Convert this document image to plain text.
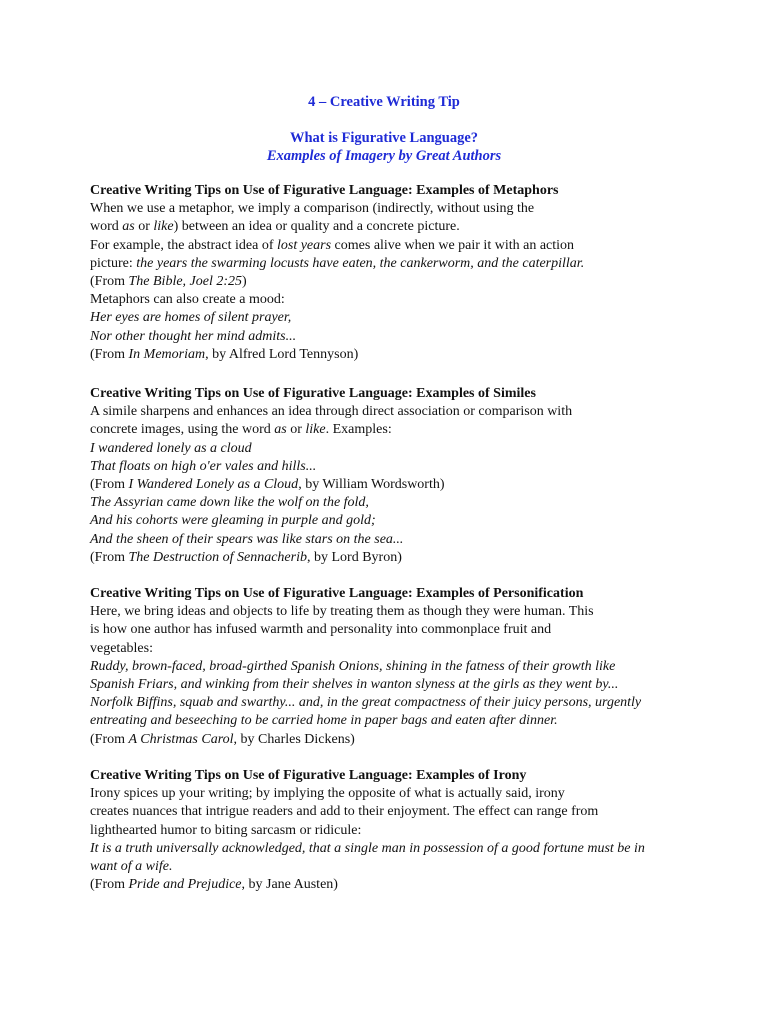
4 – Creative Writing Tip
What is Figurative Language?
Examples of Imagery by Great Authors
Creative Writing Tips on Use of Figurative Language: Examples of Metaphors
When we use a metaphor, we imply a comparison (indirectly, without using the
word as or like) between an idea or quality and a concrete picture.
For example, the abstract idea of lost years comes alive when we pair it with an action
picture: the years the swarming locusts have eaten, the cankerworm, and the caterpillar.
(From The Bible, Joel 2:25)
Metaphors can also create a mood:
Her eyes are homes of silent prayer,
Nor other thought her mind admits...
(From In Memoriam, by Alfred Lord Tennyson)
Creative Writing Tips on Use of Figurative Language: Examples of Similes
A simile sharpens and enhances an idea through direct association or comparison with
concrete images, using the word as or like. Examples:
I wandered lonely as a cloud
That floats on high o'er vales and hills...
(From I Wandered Lonely as a Cloud, by William Wordsworth)
The Assyrian came down like the wolf on the fold,
And his cohorts were gleaming in purple and gold;
And the sheen of their spears was like stars on the sea...
(From The Destruction of Sennacherib, by Lord Byron)
Creative Writing Tips on Use of Figurative Language: Examples of Personification
Here, we bring ideas and objects to life by treating them as though they were human. This
is how one author has infused warmth and personality into commonplace fruit and
vegetables:
Ruddy, brown-faced, broad-girthed Spanish Onions, shining in the fatness of their growth like
Spanish Friars, and winking from their shelves in wanton slyness at the girls as they went by...
Norfolk Biffins, squab and swarthy... and, in the great compactness of their juicy persons, urgently
entreating and beseeching to be carried home in paper bags and eaten after dinner.
(From A Christmas Carol, by Charles Dickens)
Creative Writing Tips on Use of Figurative Language: Examples of Irony
Irony spices up your writing; by implying the opposite of what is actually said, irony
creates nuances that intrigue readers and add to their enjoyment. The effect can range from
lighthearted humor to biting sarcasm or ridicule:
It is a truth universally acknowledged, that a single man in possession of a good fortune must be in
want of a wife.
(From Pride and Prejudice, by Jane Austen)
